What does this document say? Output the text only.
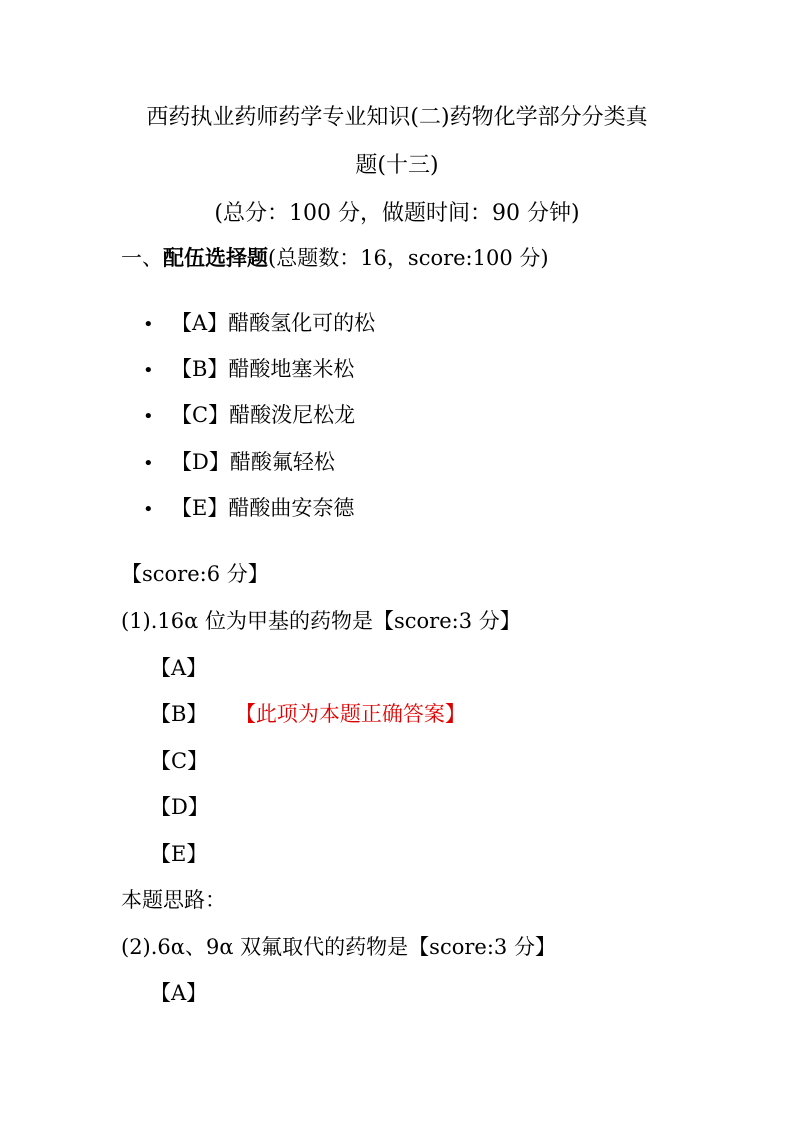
西药执业药师药学专业知识(二)药物化学部分分类真
题(十三)
(总分：100 分，做题时间：90 分钟)
一、配伍选择题(总题数：16，score:100 分)
• 【A】醋酸氢化可的松
• 【B】醋酸地塞米松
• 【C】醋酸泼尼松龙
• 【D】醋酸氟轻松
• 【E】醋酸曲安奈德
【score:6 分】
(1).16α 位为甲基的药物是【score:3 分】
【A】
【B】 【此项为本题正确答案】
【C】
【D】
【E】
本题思路：
(2).6α、9α 双氟取代的药物是【score:3 分】
【A】
